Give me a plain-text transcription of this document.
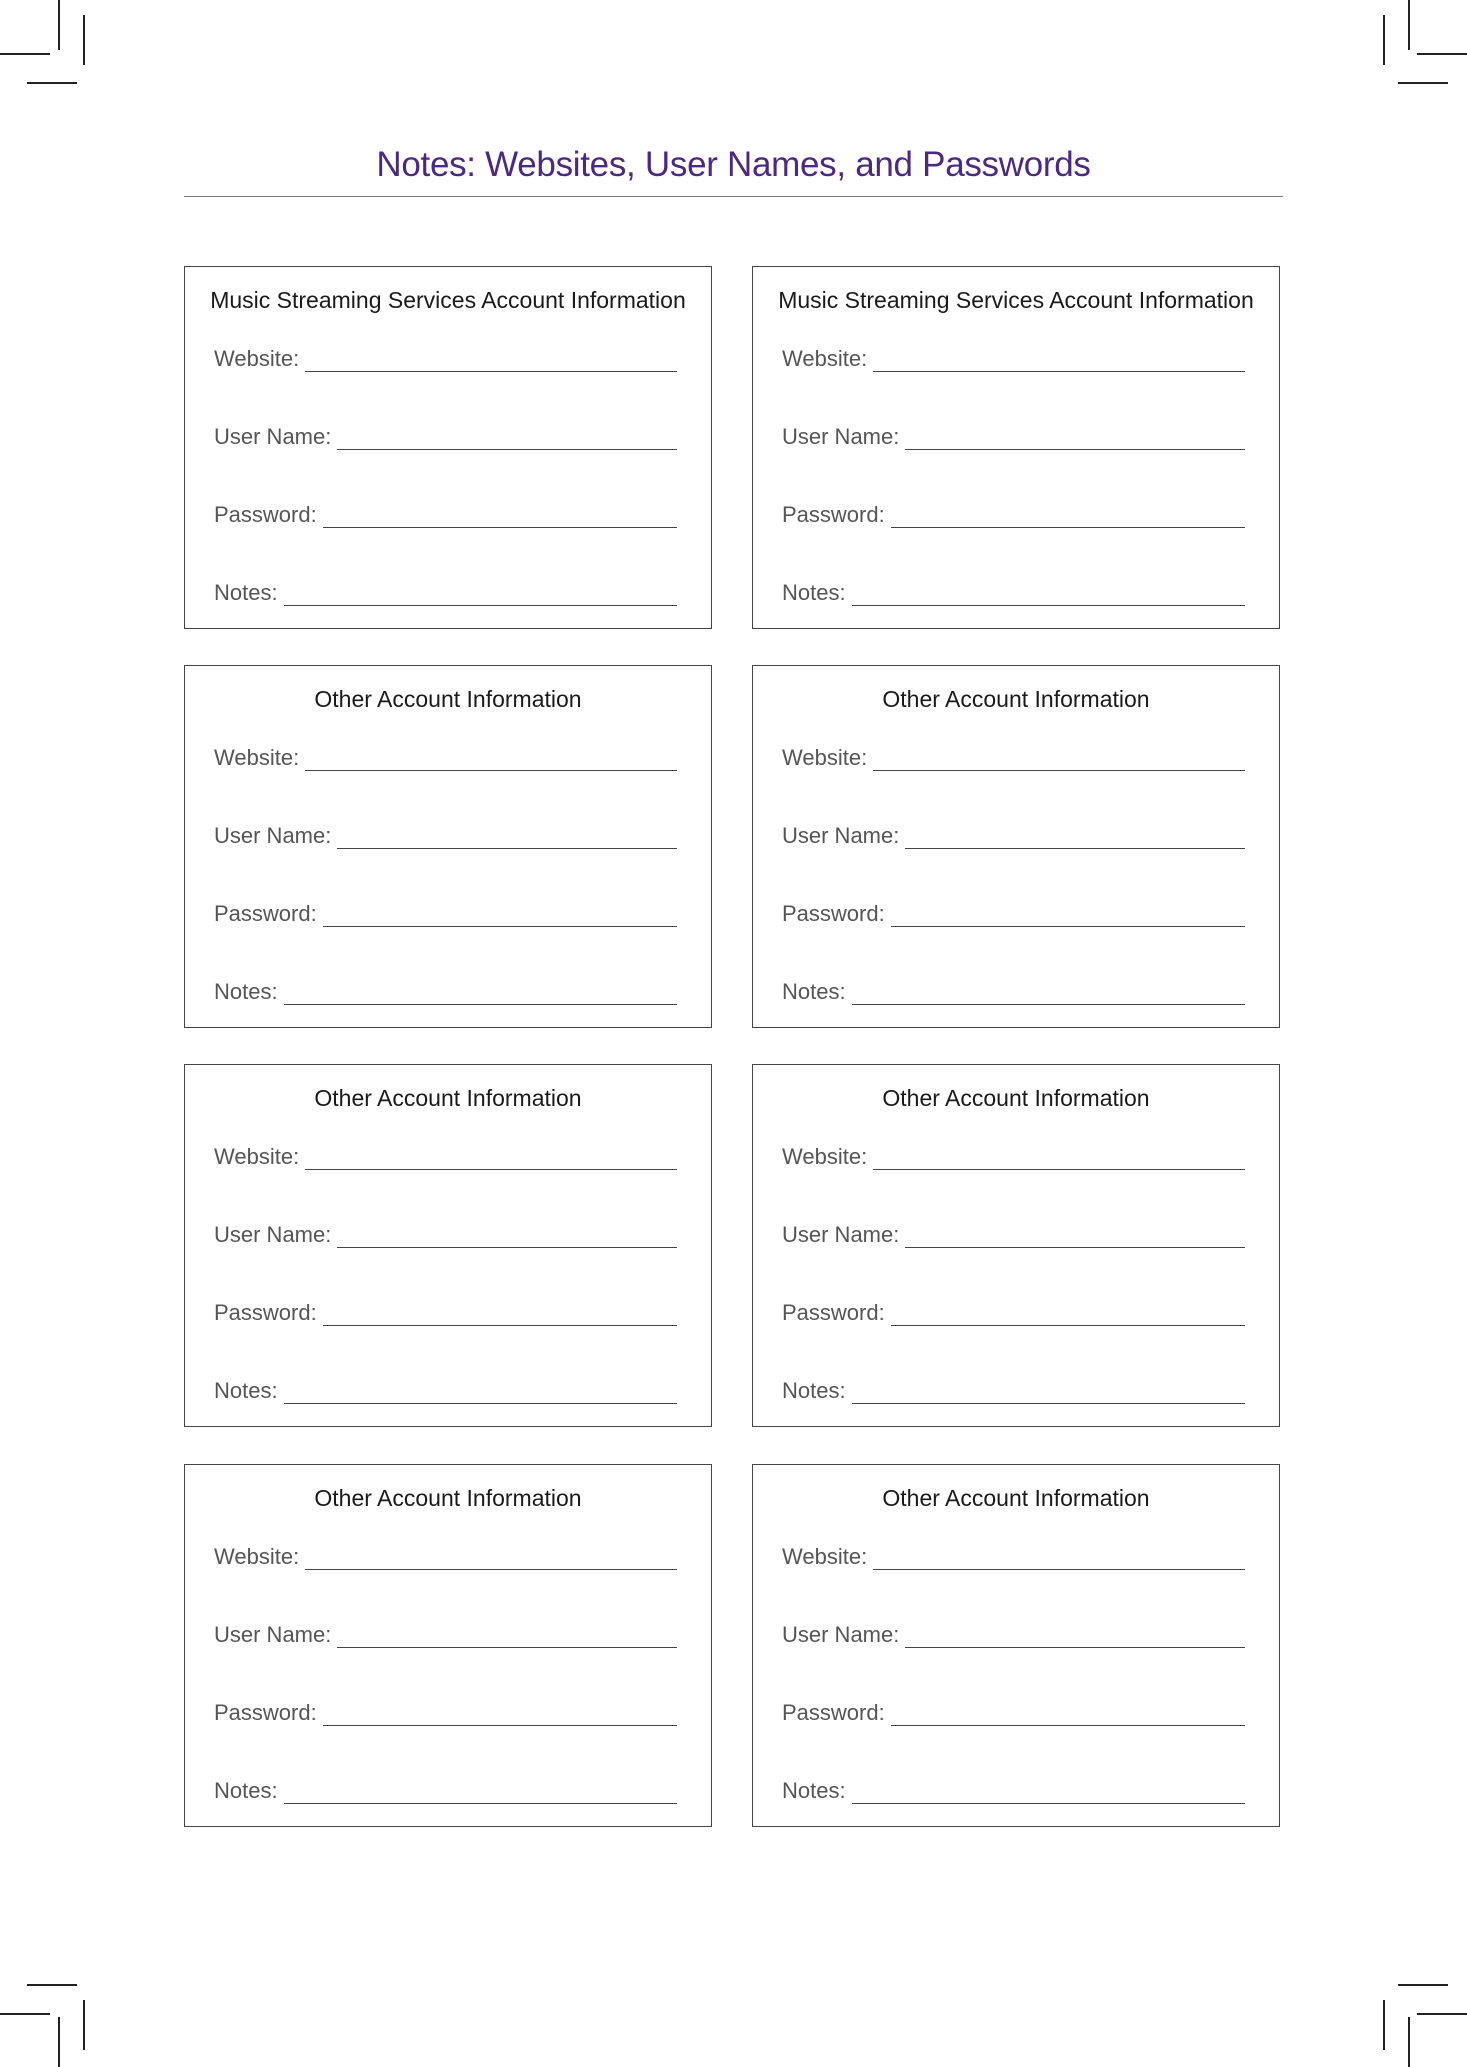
Notes: Websites, User Names, and Passwords
Music Streaming Services Account Information
Website:
User Name:
Password:
Notes:
Music Streaming Services Account Information
Website:
User Name:
Password:
Notes:
Other Account Information
Website:
User Name:
Password:
Notes:
Other Account Information
Website:
User Name:
Password:
Notes:
Other Account Information
Website:
User Name:
Password:
Notes:
Other Account Information
Website:
User Name:
Password:
Notes:
Other Account Information
Website:
User Name:
Password:
Notes:
Other Account Information
Website:
User Name:
Password:
Notes:
